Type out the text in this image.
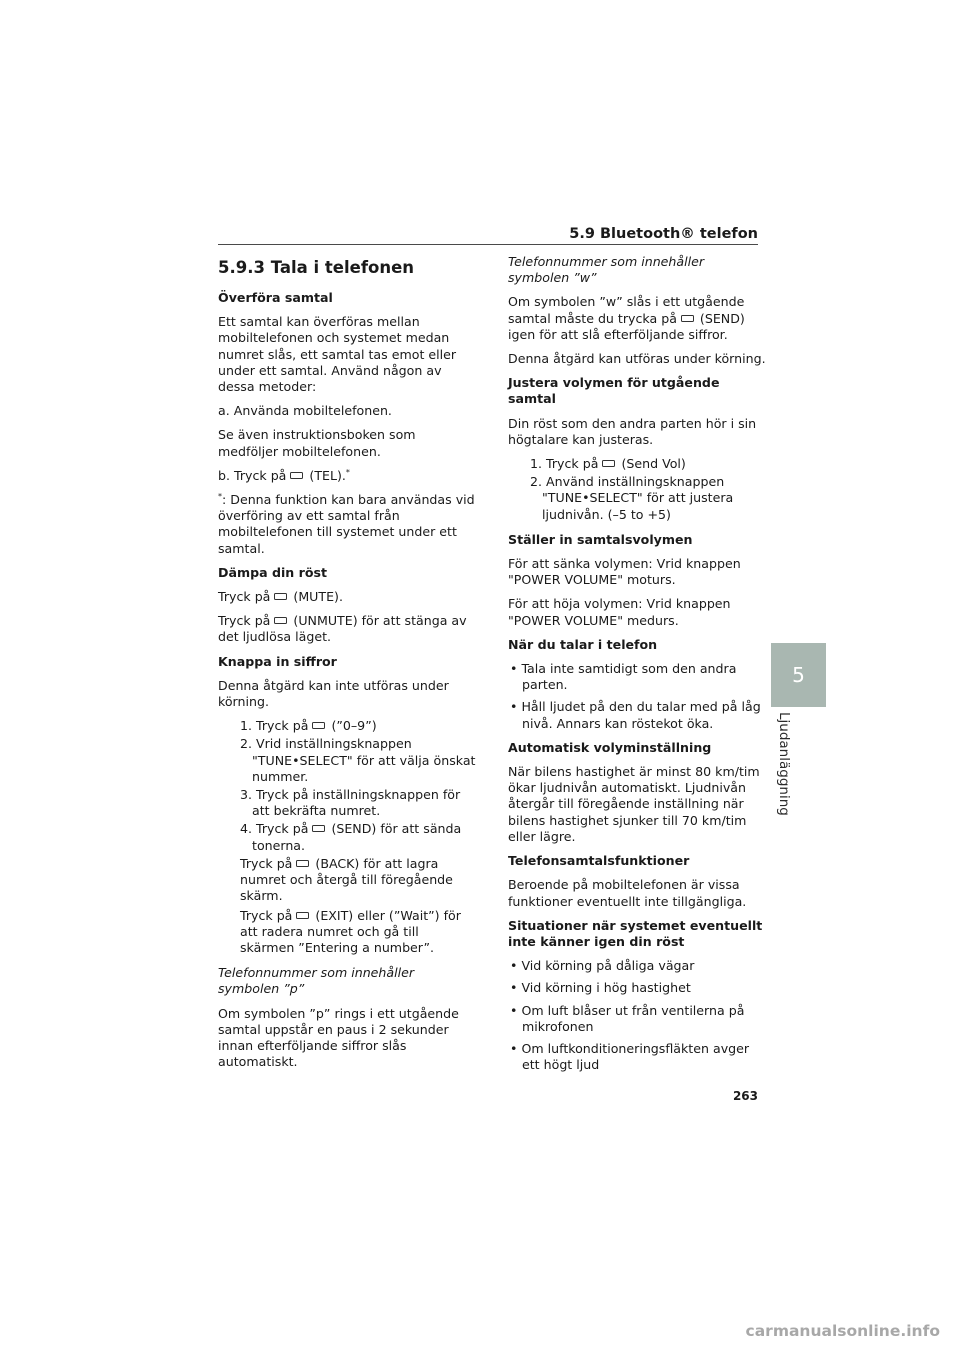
5.9 Bluetooth® telefon
5.9.3 Tala i telefonen
Överföra samtal

Ett samtal kan överföras mellan mobiltelefonen och systemet medan numret slås, ett samtal tas emot eller under ett samtal. Använd någon av dessa metoder:

a. Använda mobiltelefonen.

Se även instruktionsboken som medföljer mobiltelefonen.

b. Tryck på (TEL).*

*: Denna funktion kan bara användas vid överföring av ett samtal från mobiltelefonen till systemet under ett samtal.

Dämpa din röst

Tryck på (MUTE).

Tryck på (UNMUTE) för att stänga av det ljudlösa läget.

Knappa in siffror

Denna åtgärd kan inte utföras under körning.

1. Tryck på (”0–9”)
2. Vrid inställningsknappen "TUNE•SELECT" för att välja önskat nummer.
3. Tryck på inställningsknappen för att bekräfta numret.
4. Tryck på (SEND) för att sända tonerna.
Tryck på (BACK) för att lagra numret och återgå till föregående skärm.
Tryck på (EXIT) eller (”Wait”) för att radera numret och gå till skärmen ”Entering a number”.

Telefonnummer som innehåller symbolen ”p”

Om symbolen ”p” rings i ett utgående samtal uppstår en paus i 2 sekunder innan efterföljande siffror slås automatiskt.

Telefonnummer som innehåller symbolen ”w”

Om symbolen ”w” slås i ett utgående samtal måste du trycka på (SEND) igen för att slå efterföljande siffror.

Denna åtgärd kan utföras under körning.

Justera volymen för utgående samtal

Din röst som den andra parten hör i sin högtalare kan justeras.

1. Tryck på (Send Vol)
2. Använd inställningsknappen "TUNE•SELECT" för att justera ljudnivån. (–5 to +5)
Ställer in samtalsvolymen

För att sänka volymen: Vrid knappen "POWER VOLUME" moturs.

För att höja volymen: Vrid knappen "POWER VOLUME" medurs.

När du talar i telefon
• Tala inte samtidigt som den andra parten.
• Håll ljudet på den du talar med på låg nivå. Annars kan röstekot öka.
Automatisk volyminställning

När bilens hastighet är minst 80 km/tim ökar ljudnivån automatiskt. Ljudnivån återgår till föregående inställning när bilens hastighet sjunker till 70 km/tim eller lägre.

Telefonsamtalsfunktioner

Beroende på mobiltelefonen är vissa funktioner eventuellt inte tillgängliga.

Situationer när systemet eventuellt inte känner igen din röst
• Vid körning på dåliga vägar
• Vid körning i hög hastighet
• Om luft blåser ut från ventilerna på mikrofonen
• Om luftkonditioneringsfläkten avger ett högt ljud
5
Ljudanläggning
263
carmanualsonline.info
